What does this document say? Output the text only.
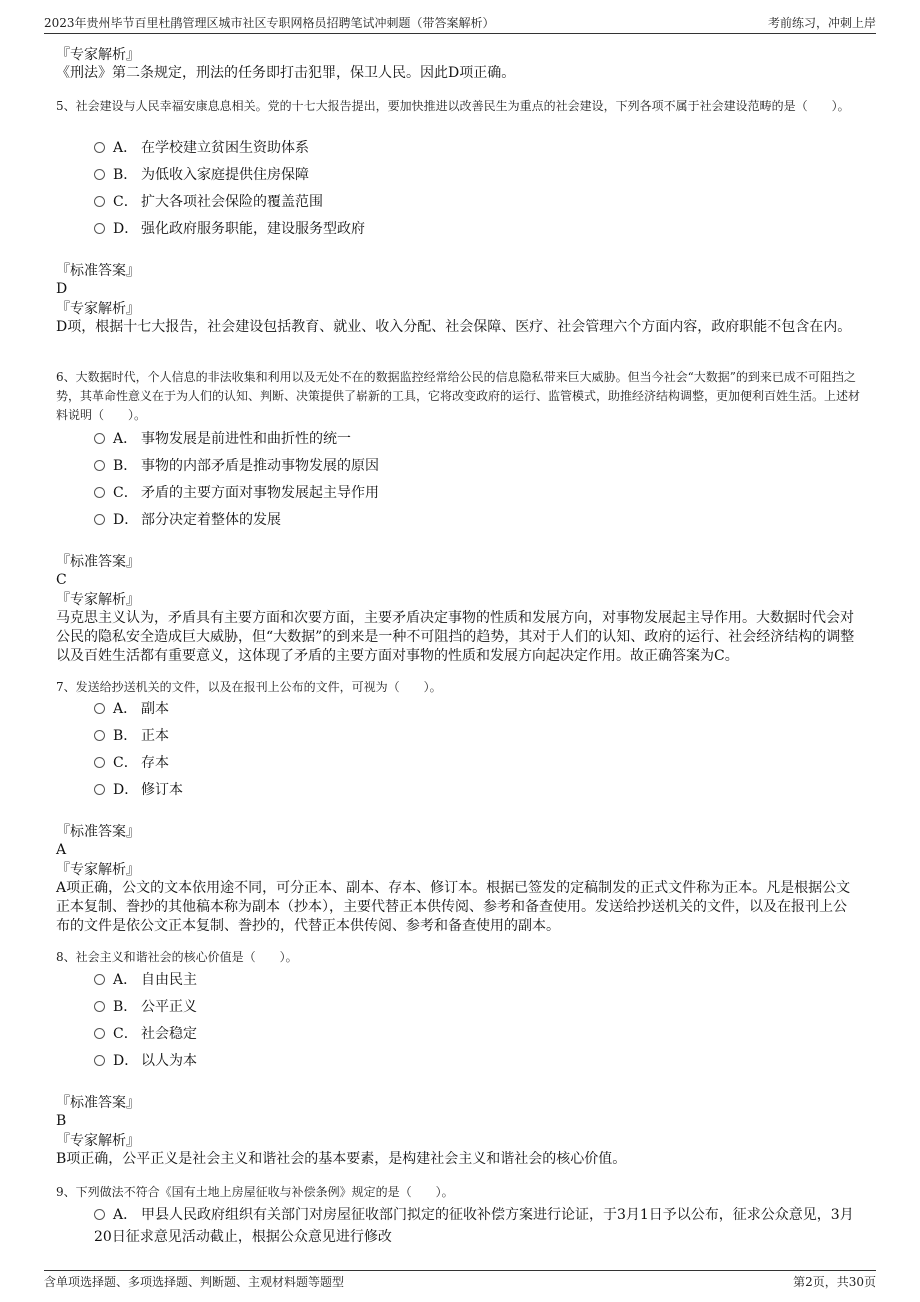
2023年贵州毕节百里杜鹃管理区城市社区专职网格员招聘笔试冲刺题（带答案解析）	考前练习，冲刺上岸
『专家解析』
《刑法》第二条规定，刑法的任务即打击犯罪，保卫人民。因此D项正确。
5、社会建设与人民幸福安康息息相关。党的十七大报告提出，要加快推进以改善民生为重点的社会建设，下列各项不属于社会建设范畴的是（　　）。
A． 在学校建立贫困生资助体系
B． 为低收入家庭提供住房保障
C． 扩大各项社会保险的覆盖范围
D． 强化政府服务职能，建设服务型政府
『标准答案』
D
『专家解析』
D项，根据十七大报告，社会建设包括教育、就业、收入分配、社会保障、医疗、社会管理六个方面内容，政府职能不包含在内。
6、大数据时代，个人信息的非法收集和利用以及无处不在的数据监控经常给公民的信息隐私带来巨大威胁。但当今社会“大数据”的到来已成不可阻挡之势，其革命性意义在于为人们的认知、判断、决策提供了崭新的工具，它将改变政府的运行、监管模式，助推经济结构调整，更加便利百姓生活。上述材料说明（　　）。
A． 事物发展是前进性和曲折性的统一
B． 事物的内部矛盾是推动事物发展的原因
C． 矛盾的主要方面对事物发展起主导作用
D． 部分决定着整体的发展
『标准答案』
C
『专家解析』
马克思主义认为，矛盾具有主要方面和次要方面，主要矛盾决定事物的性质和发展方向，对事物发展起主导作用。大数据时代会对公民的隐私安全造成巨大威胁，但“大数据”的到来是一种不可阻挡的趋势，其对于人们的认知、政府的运行、社会经济结构的调整以及百姓生活都有重要意义，这体现了矛盾的主要方面对事物的性质和发展方向起决定作用。故正确答案为C。
7、发送给抄送机关的文件，以及在报刊上公布的文件，可视为（　　）。
A． 副本
B． 正本
C． 存本
D． 修订本
『标准答案』
A
『专家解析』
A项正确，公文的文本依用途不同，可分正本、副本、存本、修订本。根据已签发的定稿制发的正式文件称为正本。凡是根据公文正本复制、誊抄的其他稿本称为副本（抄本），主要代替正本供传阅、参考和备查使用。发送给抄送机关的文件，以及在报刊上公布的文件是依公文正本复制、誊抄的，代替正本供传阅、参考和备查使用的副本。
8、社会主义和谐社会的核心价值是（　　）。
A． 自由民主
B． 公平正义
C． 社会稳定
D． 以人为本
『标准答案』
B
『专家解析』
B项正确，公平正义是社会主义和谐社会的基本要素，是构建社会主义和谐社会的核心价值。
9、下列做法不符合《国有土地上房屋征收与补偿条例》规定的是（　　）。
A． 甲县人民政府组织有关部门对房屋征收部门拟定的征收补偿方案进行论证，于3月1日予以公布，征求公众意见，3月20日征求意见活动截止，根据公众意见进行修改
含单项选择题、多项选择题、判断题、主观材料题等题型	第2页，共30页
